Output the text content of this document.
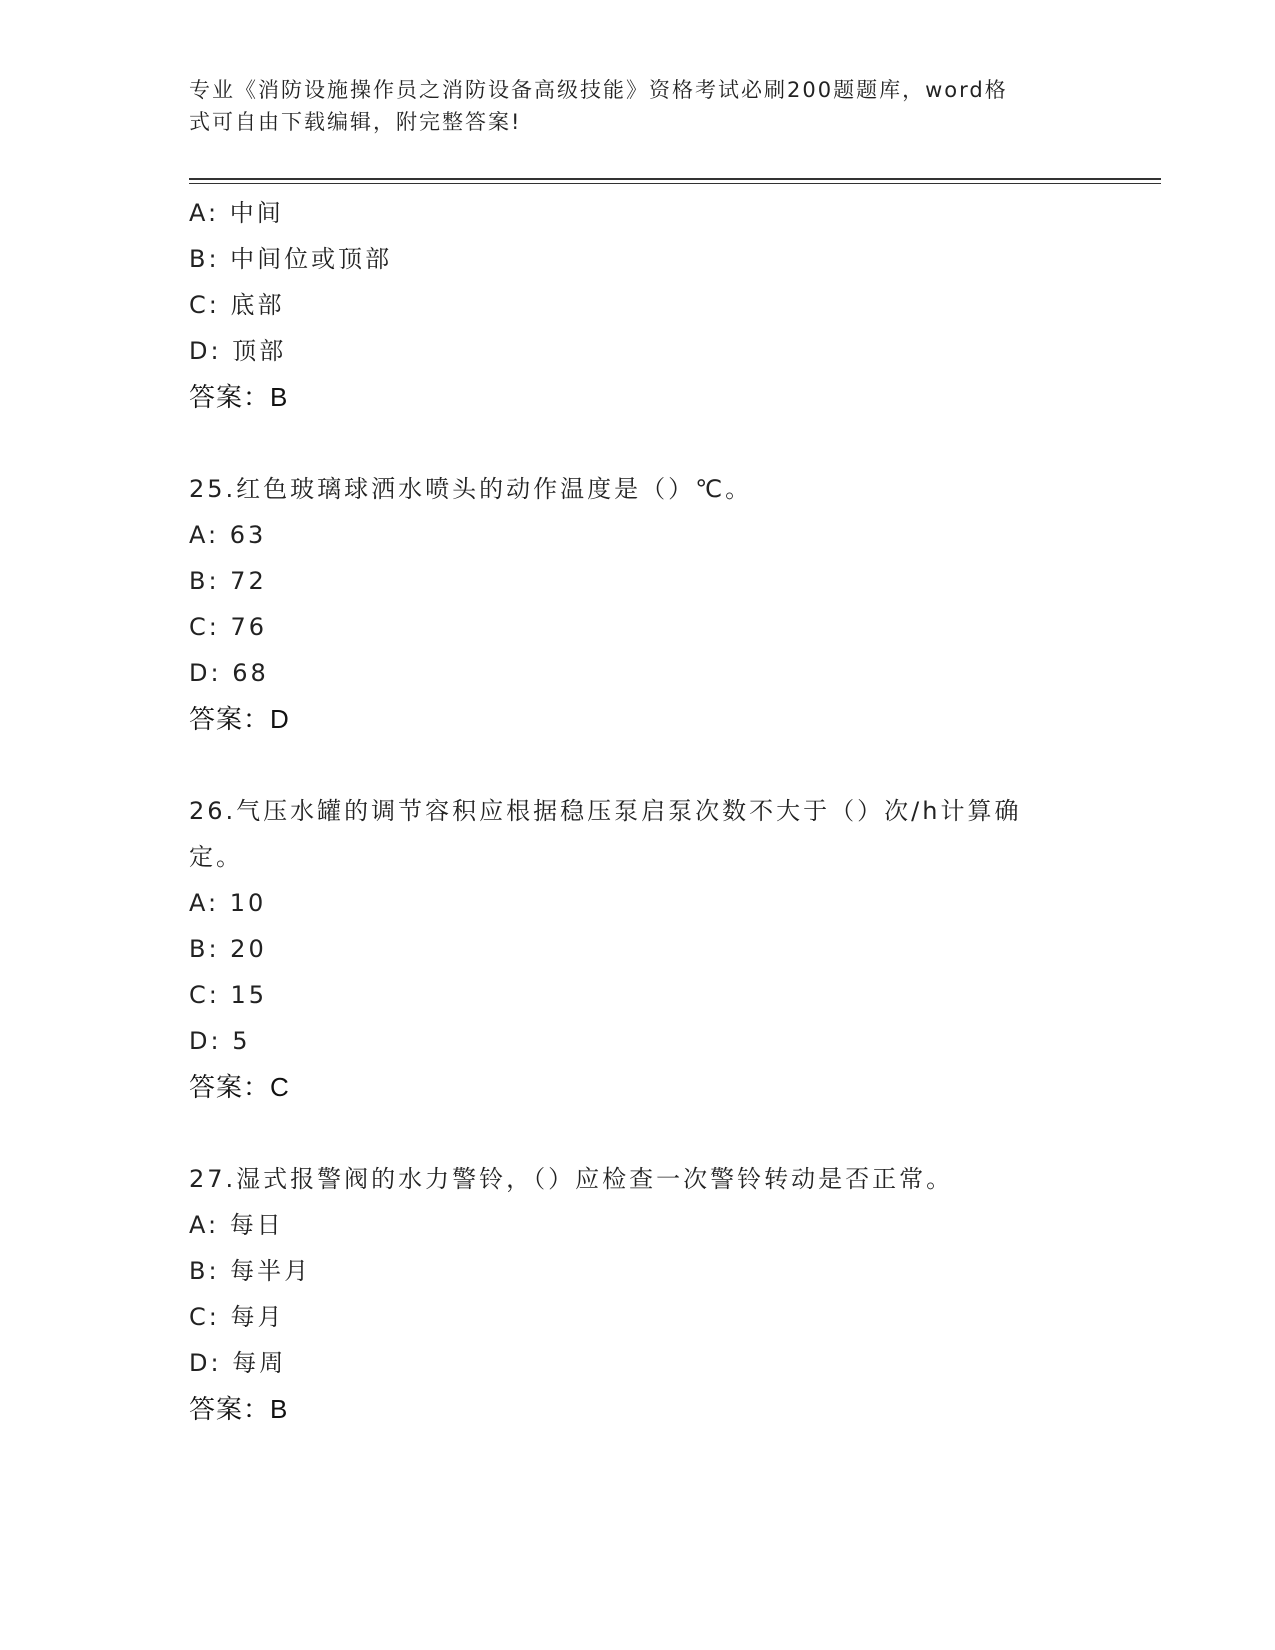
专业《消防设施操作员之消防设备高级技能》资格考试必刷200题题库，word格
式可自由下载编辑，附完整答案!
A: 中间
B: 中间位或顶部
C: 底部
D: 顶部
答案：B
25.红色玻璃球洒水喷头的动作温度是（）℃。
A: 63
B: 72
C: 76
D: 68
答案：D
26.气压水罐的调节容积应根据稳压泵启泵次数不大于（）次/h计算确
定。
A: 10
B: 20
C: 15
D: 5
答案：C
27.湿式报警阀的水力警铃，（）应检查一次警铃转动是否正常。
A: 每日
B: 每半月
C: 每月
D: 每周
答案：B
